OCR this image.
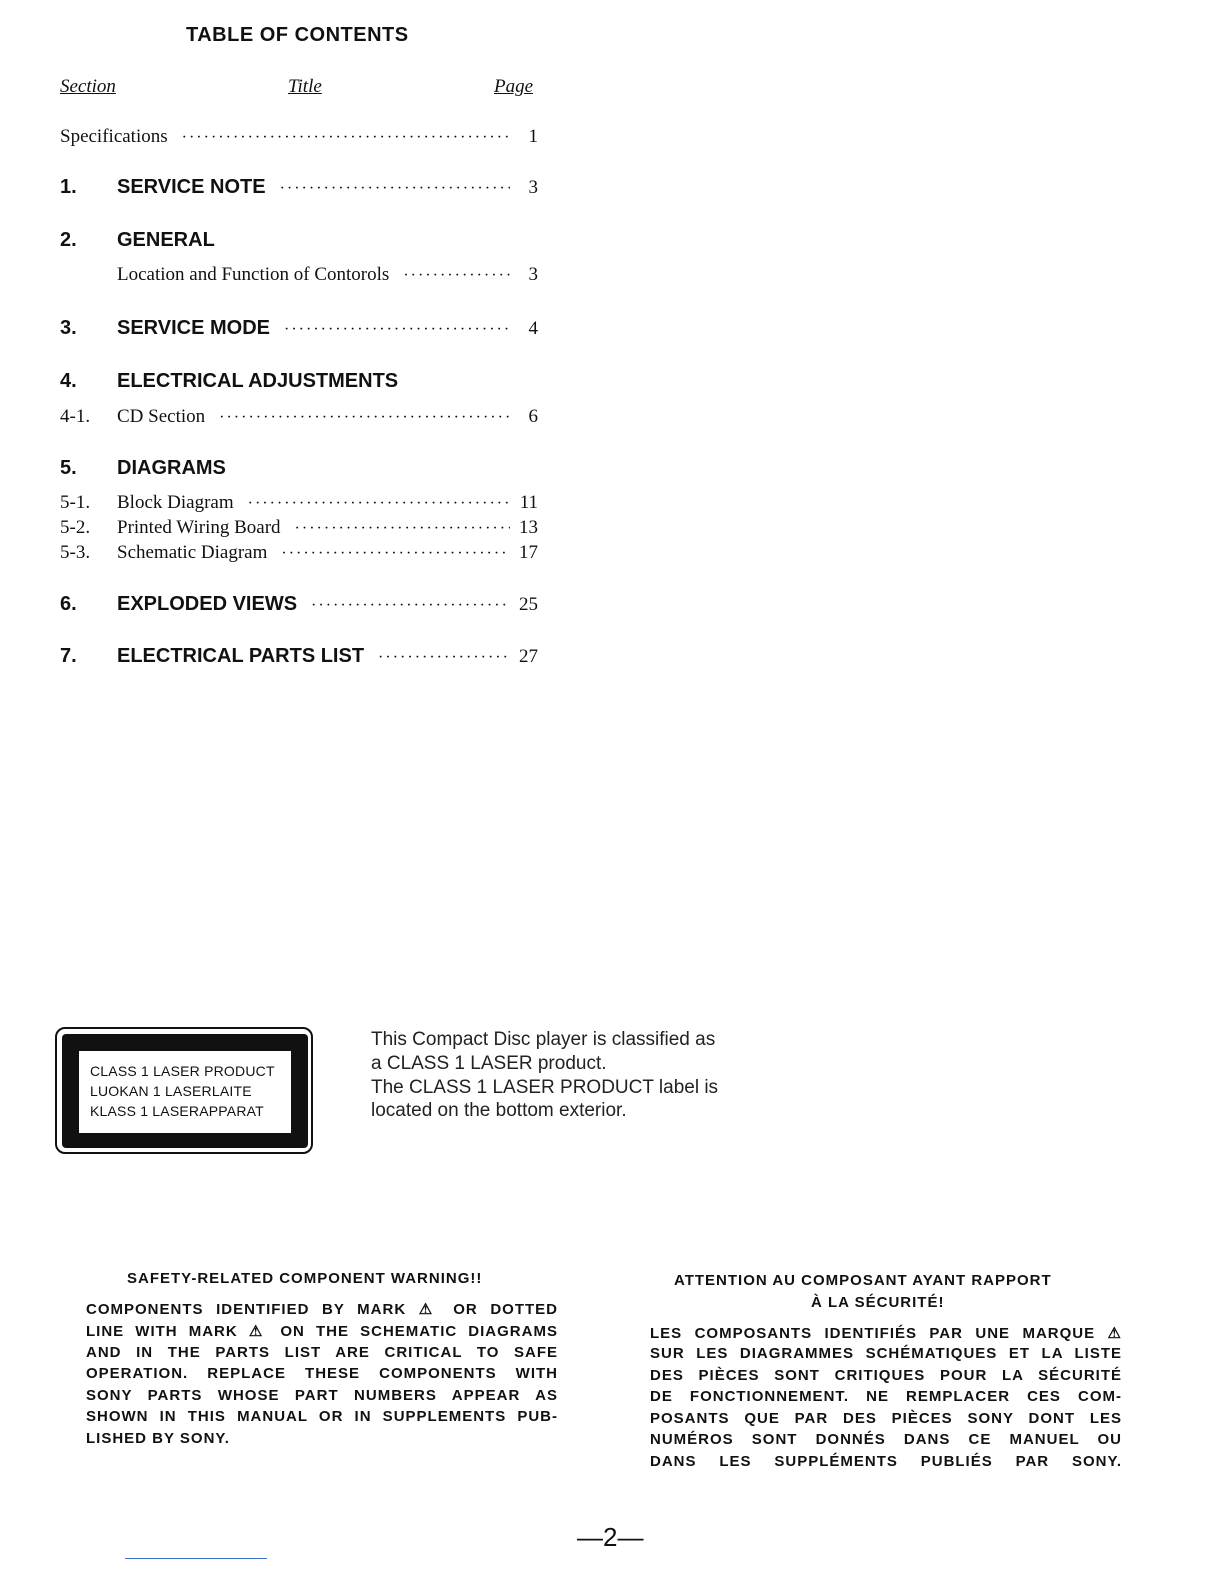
TABLE OF CONTENTS
Section	Title	Page
Specifications ·····	1
1.	SERVICE NOTE ·····	3
2.	GENERAL
Location and Function of Contorols ·····	3
3.	SERVICE MODE ·····	4
4.	ELECTRICAL ADJUSTMENTS
4-1.	CD Section ·····	6
5.	DIAGRAMS
5-1.	Block Diagram ·····	11
5-2.	Printed Wiring Board ·····	13
5-3.	Schematic Diagram ·····	17
6.	EXPLODED VIEWS ·····	25
7.	ELECTRICAL PARTS LIST ·····	27
CLASS 1 LASER PRODUCT
LUOKAN 1 LASERLAITE
KLASS 1 LASERAPPARAT
This Compact Disc player is classified as
a CLASS 1 LASER product.
The CLASS 1 LASER PRODUCT label is
located on the bottom exterior.
SAFETY-RELATED COMPONENT WARNING!!
COMPONENTS IDENTIFIED BY MARK ⚠ OR DOTTED
LINE WITH MARK ⚠ ON THE SCHEMATIC DIAGRAMS
AND IN THE PARTS LIST ARE CRITICAL TO SAFE
OPERATION. REPLACE THESE COMPONENTS WITH
SONY PARTS WHOSE PART NUMBERS APPEAR AS
SHOWN IN THIS MANUAL OR IN SUPPLEMENTS PUB-
LISHED BY SONY.
ATTENTION AU COMPOSANT AYANT RAPPORT
À LA SÉCURITÉ!
LES COMPOSANTS IDENTIFIÉS PAR UNE MARQUE ⚠
SUR LES DIAGRAMMES SCHÉMATIQUES ET LA LISTE
DES PIÈCES SONT CRITIQUES POUR LA SÉCURITÉ
DE FONCTIONNEMENT. NE REMPLACER CES COM-
POSANTS QUE PAR DES PIÈCES SONY DONT LES
NUMÉROS SONT DONNÉS DANS CE MANUEL OU
DANS LES SUPPLÉMENTS PUBLIÉS PAR SONY.
—2—
